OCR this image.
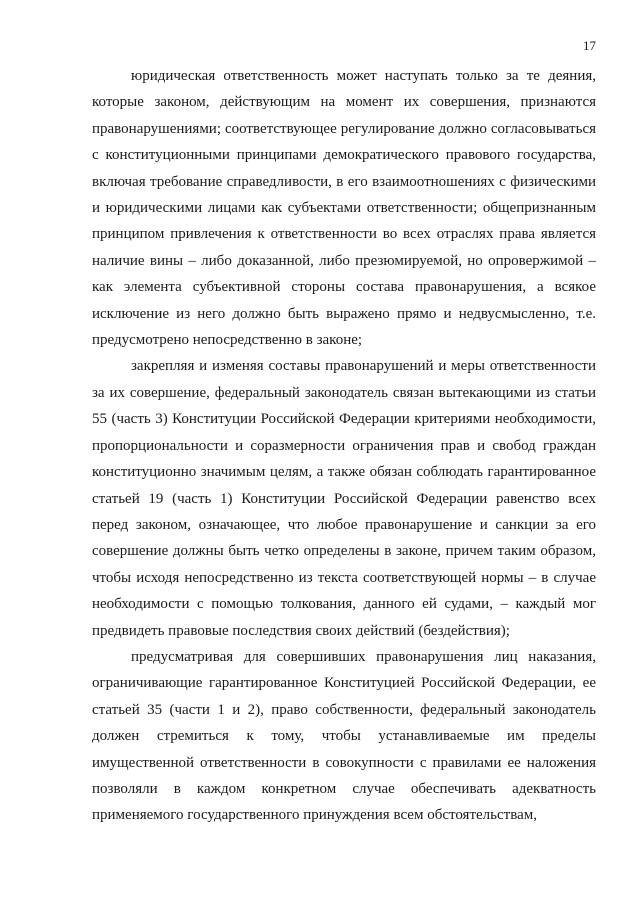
17

юридическая ответственность может наступать только за те деяния, которые законом, действующим на момент их совершения, признаются правонарушениями; соответствующее регулирование должно согласовываться с конституционными принципами демократического правового государства, включая требование справедливости, в его взаимоотношениях с физическими и юридическими лицами как субъектами ответственности; общепризнанным принципом привлечения к ответственности во всех отраслях права является наличие вины – либо доказанной, либо презюмируемой, но опровержимой – как элемента субъективной стороны состава правонарушения, а всякое исключение из него должно быть выражено прямо и недвусмысленно, т.е. предусмотрено непосредственно в законе;

закрепляя и изменяя составы правонарушений и меры ответственности за их совершение, федеральный законодатель связан вытекающими из статьи 55 (часть 3) Конституции Российской Федерации критериями необходимости, пропорциональности и соразмерности ограничения прав и свобод граждан конституционно значимым целям, а также обязан соблюдать гарантированное статьей 19 (часть 1) Конституции Российской Федерации равенство всех перед законом, означающее, что любое правонарушение и санкции за его совершение должны быть четко определены в законе, причем таким образом, чтобы исходя непосредственно из текста соответствующей нормы – в случае необходимости с помощью толкования, данного ей судами, – каждый мог предвидеть правовые последствия своих действий (бездействия);

предусматривая для совершивших правонарушения лиц наказания, ограничивающие гарантированное Конституцией Российской Федерации, ее статьей 35 (части 1 и 2), право собственности, федеральный законодатель должен стремиться к тому, чтобы устанавливаемые им пределы имущественной ответственности в совокупности с правилами ее наложения позволяли в каждом конкретном случае обеспечивать адекватность применяемого государственного принуждения всем обстоятельствам,
